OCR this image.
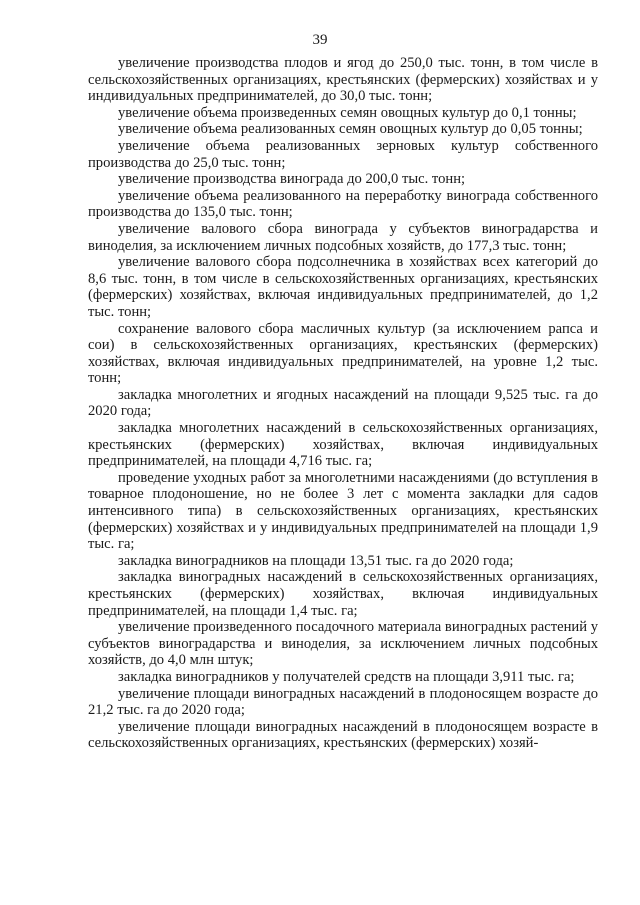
39

увеличение производства плодов и ягод до 250,0 тыс. тонн, в том числе в сельскохозяйственных организациях, крестьянских (фермерских) хозяйствах и у индивидуальных предпринимателей, до 30,0 тыс. тонн;

увеличение объема произведенных семян овощных культур до 0,1 тонны;

увеличение объема реализованных семян овощных культур до 0,05 тонны;

увеличение объема реализованных зерновых культур собственного производства до 25,0 тыс. тонн;

увеличение производства винограда до 200,0 тыс. тонн;

увеличение объема реализованного на переработку винограда собственного производства до 135,0 тыс. тонн;

увеличение валового сбора винограда у субъектов виноградарства и виноделия, за исключением личных подсобных хозяйств, до 177,3 тыс. тонн;

увеличение валового сбора подсолнечника в хозяйствах всех категорий до 8,6 тыс. тонн, в том числе в сельскохозяйственных организациях, крестьянских (фермерских) хозяйствах, включая индивидуальных предпринимателей, до 1,2 тыс. тонн;

сохранение валового сбора масличных культур (за исключением рапса и сои) в сельскохозяйственных организациях, крестьянских (фермерских) хозяйствах, включая индивидуальных предпринимателей, на уровне 1,2 тыс. тонн;

закладка многолетних и ягодных насаждений на площади 9,525 тыс. га до 2020 года;

закладка многолетних насаждений в сельскохозяйственных организациях, крестьянских (фермерских) хозяйствах, включая индивидуальных предпринимателей, на площади 4,716 тыс. га;

проведение уходных работ за многолетними насаждениями (до вступления в товарное плодоношение, но не более 3 лет с момента закладки для садов интенсивного типа) в сельскохозяйственных организациях, крестьянских (фермерских) хозяйствах и у индивидуальных предпринимателей на площади 1,9 тыс. га;

закладка виноградников на площади 13,51 тыс. га до 2020 года;

закладка виноградных насаждений в сельскохозяйственных организациях, крестьянских (фермерских) хозяйствах, включая индивидуальных предпринимателей, на площади 1,4 тыс. га;

увеличение произведенного посадочного материала виноградных растений у субъектов виноградарства и виноделия, за исключением личных подсобных хозяйств, до 4,0 млн штук;

закладка виноградников у получателей средств на площади 3,911 тыс. га;

увеличение площади виноградных насаждений в плодоносящем возрасте до 21,2 тыс. га до 2020 года;

увеличение площади виноградных насаждений в плодоносящем возрасте в сельскохозяйственных организациях, крестьянских (фермерских) хозяй-
